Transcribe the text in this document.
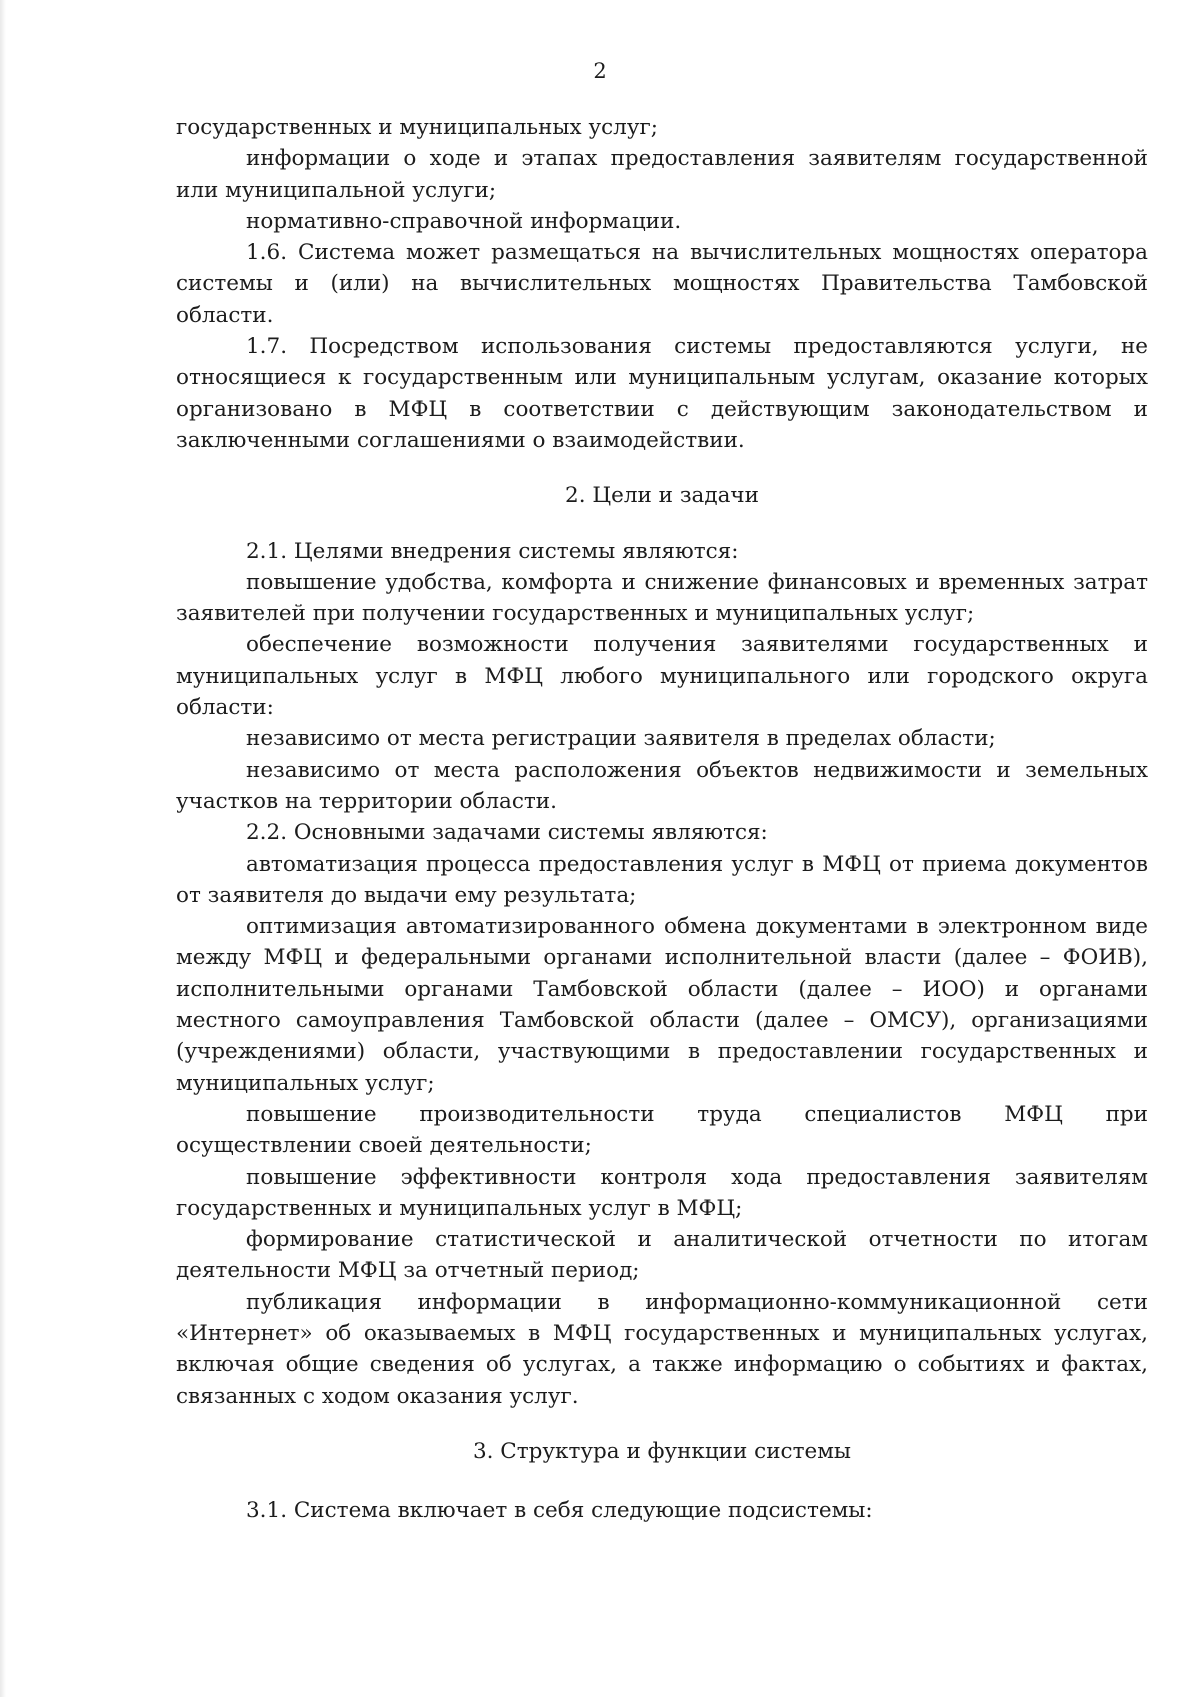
2

государственных и муниципальных услуг;

информации о ходе и этапах предоставления заявителям государственной или муниципальной услуги;

нормативно-справочной информации.

1.6. Система может размещаться на вычислительных мощностях оператора системы и (или) на вычислительных мощностях Правительства Тамбовской области.

1.7. Посредством использования системы предоставляются услуги, не относящиеся к государственным или муниципальным услугам, оказание которых организовано в МФЦ в соответствии с действующим законодательством и заключенными соглашениями о взаимодействии.

2. Цели и задачи

2.1. Целями внедрения системы являются:

повышение удобства, комфорта и снижение финансовых и временных затрат заявителей при получении государственных и муниципальных услуг;

обеспечение возможности получения заявителями государственных и муниципальных услуг в МФЦ любого муниципального или городского округа области:

независимо от места регистрации заявителя в пределах области;

независимо от места расположения объектов недвижимости и земельных участков на территории области.

2.2. Основными задачами системы являются:

автоматизация процесса предоставления услуг в МФЦ от приема документов от заявителя до выдачи ему результата;

оптимизация автоматизированного обмена документами в электронном виде между МФЦ и федеральными органами исполнительной власти (далее – ФОИВ), исполнительными органами Тамбовской области (далее – ИОО) и органами местного самоуправления Тамбовской области (далее – ОМСУ), организациями (учреждениями) области, участвующими в предоставлении государственных и муниципальных услуг;

повышение производительности труда специалистов МФЦ при осуществлении своей деятельности;

повышение эффективности контроля хода предоставления заявителям государственных и муниципальных услуг в МФЦ;

формирование статистической и аналитической отчетности по итогам деятельности МФЦ за отчетный период;

публикация информации в информационно-коммуникационной сети «Интернет» об оказываемых в МФЦ государственных и муниципальных услугах, включая общие сведения об услугах, а также информацию о событиях и фактах, связанных с ходом оказания услуг.

3. Структура и функции системы

3.1. Система включает в себя следующие подсистемы:
